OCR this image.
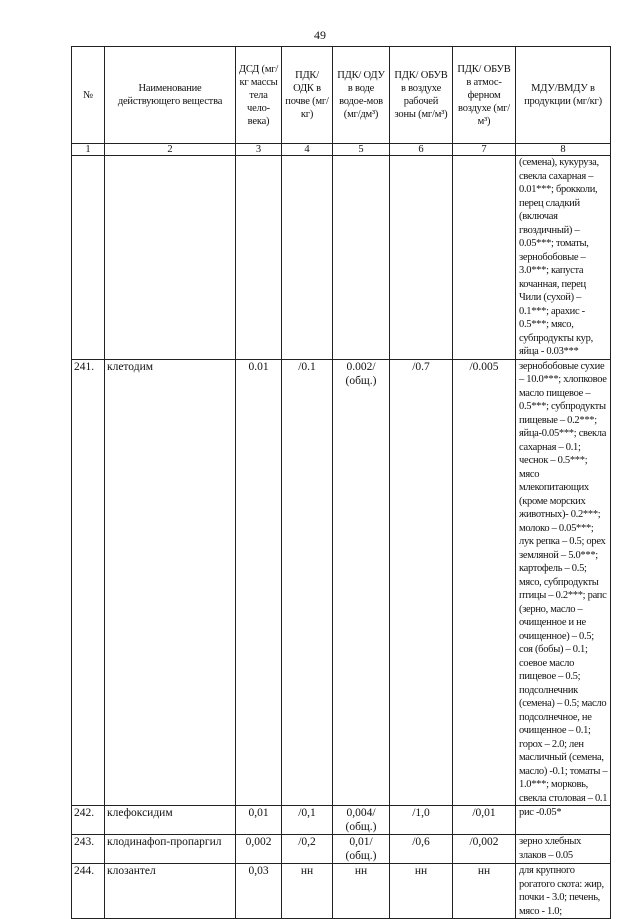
49
№	Наименование действующего вещества	ДСД (мг/кг массы тела чело-века)	ПДК/ ОДК в почве (мг/кг)	ПДК/ ОДУ в воде водое-мов (мг/дм³)	ПДК/ ОБУВ в воздухе рабочей зоны (мг/м³)	ПДК/ ОБУВ в атмос-ферном воздухе (мг/м³)	МДУ/ВМДУ в продукции (мг/кг)
1	2	3	4	5	6	7	8
							(семена), кукуруза, свекла сахарная – 0.01***; брокколи, перец сладкий (включая гвоздичный) – 0.05***; томаты, зернобобовые – 3.0***; капуста кочанная, перец Чили (сухой) – 0.1***; арахис - 0.5***; мясо, субпродукты кур, яйца - 0.03***
241.	клетодим	0.01	/0.1	0.002/ (общ.)	/0.7	/0.005	зернобобовые сухие – 10.0***; хлопковое масло пищевое – 0.5***; субпродукты пищевые – 0.2***; яйца-0.05***; свекла сахарная – 0.1; чеснок – 0.5***; мясо млекопитающих (кроме морских животных)- 0.2***; молоко – 0.05***; лук репка – 0.5; орех земляной – 5.0***; картофель – 0.5; мясо, субпродукты птицы – 0.2***; рапс (зерно, масло – очищенное и не очищенное) – 0.5; соя (бобы) – 0.1; соевое масло пищевое – 0.5; подсолнечник (семена) – 0.5; масло подсолнечное, не очищенное – 0.1; горох – 2.0; лен масличный (семена, масло) -0.1; томаты – 1.0***; морковь, свекла столовая – 0.1
242.	клефоксидим	0,01	/0,1	0,004/ (общ.)	/1,0	/0,01	рис -0.05*
243.	клодинафоп-пропаргил	0,002	/0,2	0,01/ (общ.)	/0,6	/0,002	зерно хлебных злаков – 0.05
244.	клозантел	0,03	нн	нн	нн	нн	для крупного рогатого скота: жир, почки - 3.0; печень, мясо - 1.0;
